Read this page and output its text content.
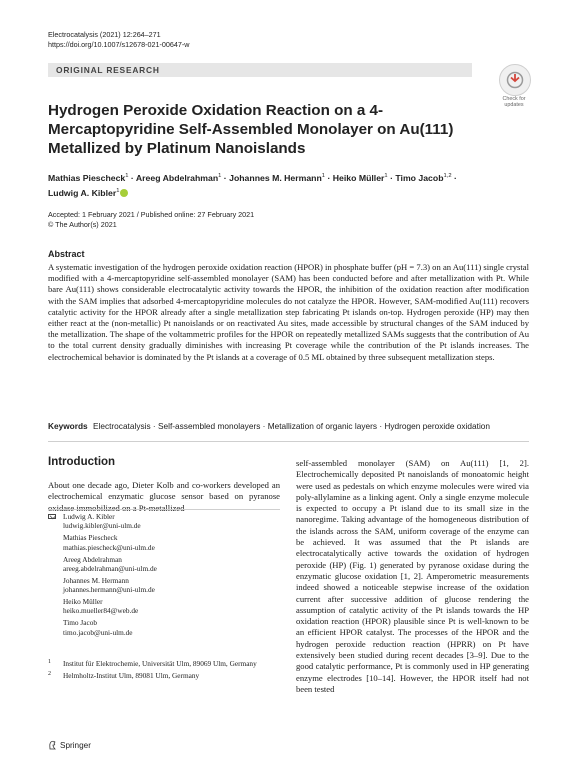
Electrocatalysis (2021) 12:264–271
https://doi.org/10.1007/s12678-021-00647-w
ORIGINAL RESEARCH
Check for
updates
Hydrogen Peroxide Oxidation Reaction on a 4-Mercaptopyridine Self-Assembled Monolayer on Au(111) Metallized by Platinum Nanoislands
Mathias Piescheck$^1$ · Areeg Abdelrahman$^1$ · Johannes M. Hermann$^1$ · Heiko Müller$^1$ · Timo Jacob$^{1,2}$ ·
Ludwig A. Kibler$^1$
Accepted: 1 February 2021 / Published online: 27 February 2021
© The Author(s) 2021
Abstract
A systematic investigation of the hydrogen peroxide oxidation reaction (HPOR) in phosphate buffer (pH = 7.3) on an Au(111) single crystal modified with a 4-mercaptopyridine self-assembled monolayer (SAM) has been conducted before and after metallization with Pt. While bare Au(111) shows considerable electrocatalytic activity towards the HPOR, the inhibition of the oxidation reaction after modification with the SAM implies that adsorbed 4-mercaptopyridine molecules do not catalyze the HPOR. However, SAM-modified Au(111) recovers catalytic activity for the HPOR already after a single metallization step fabricating Pt islands on-top. Hydrogen peroxide (HP) may then either react at the (non-metallic) Pt nanoislands or on reactivated Au sites, made accessible by structural changes of the SAM induced by the metallization. The shape of the voltammetric profiles for the HPOR on repeatedly metallized SAMs suggests that the contribution of Au to the total current density gradually diminishes with increasing Pt coverage while the contribution of the Pt islands increases. The electrochemical behavior is dominated by the Pt islands at a coverage of 0.5 ML obtained by three subsequent metallization steps.
Keywords Electrocatalysis · Self-assembled monolayers · Metallization of organic layers · Hydrogen peroxide oxidation
Introduction
About one decade ago, Dieter Kolb and co-workers developed an electrochemical enzymatic glucose sensor based on pyranose oxidase immobilized on a Pt-metallized
self-assembled monolayer (SAM) on Au(111) [1, 2]. Electrochemically deposited Pt nanoislands of monoatomic height were used as pedestals on which enzyme molecules were wired via poly-allylamine as a linking agent. Only a single enzyme molecule is expected to occupy a Pt island due to its small size in the nanoregime. Taking advantage of the homogeneous distribution of the islands across the SAM, uniform coverage of the enzyme can be achieved. It was assumed that the Pt islands are electrocatalytically active towards the oxidation of hydrogen peroxide (HP) (Fig. 1) generated by pyranose oxidase during the enzymatic glucose oxidation [1, 2]. Amperometric measurements indeed showed a noticeable stepwise increase of the oxidation current after successive addition of glucose rendering the assumption of catalytic activity of the Pt islands towards the HP oxidation reaction (HPOR) plausible since Pt is well-known to be an efficient HPOR catalyst. The processes of the HPOR and the hydrogen peroxide reduction reaction (HPRR) on Pt have extensively been studied during recent decades [3–9]. Due to the good catalytic performance, Pt is commonly used in HP generating enzyme electrodes [10–14]. However, the HPOR itself had not been tested
Ludwig A. Kibler
ludwig.kibler@uni-ulm.de
Mathias Piescheck
mathias.piescheck@uni-ulm.de
Areeg Abdelrahman
areeg.abdelrahman@uni-ulm.de
Johannes M. Hermann
johannes.hermann@uni-ulm.de
Heiko Müller
heiko.mueller84@web.de
Timo Jacob
timo.jacob@uni-ulm.de
1 Institut für Elektrochemie, Universität Ulm, 89069 Ulm, Germany
2 Helmholtz-Institut Ulm, 89081 Ulm, Germany
Springer
